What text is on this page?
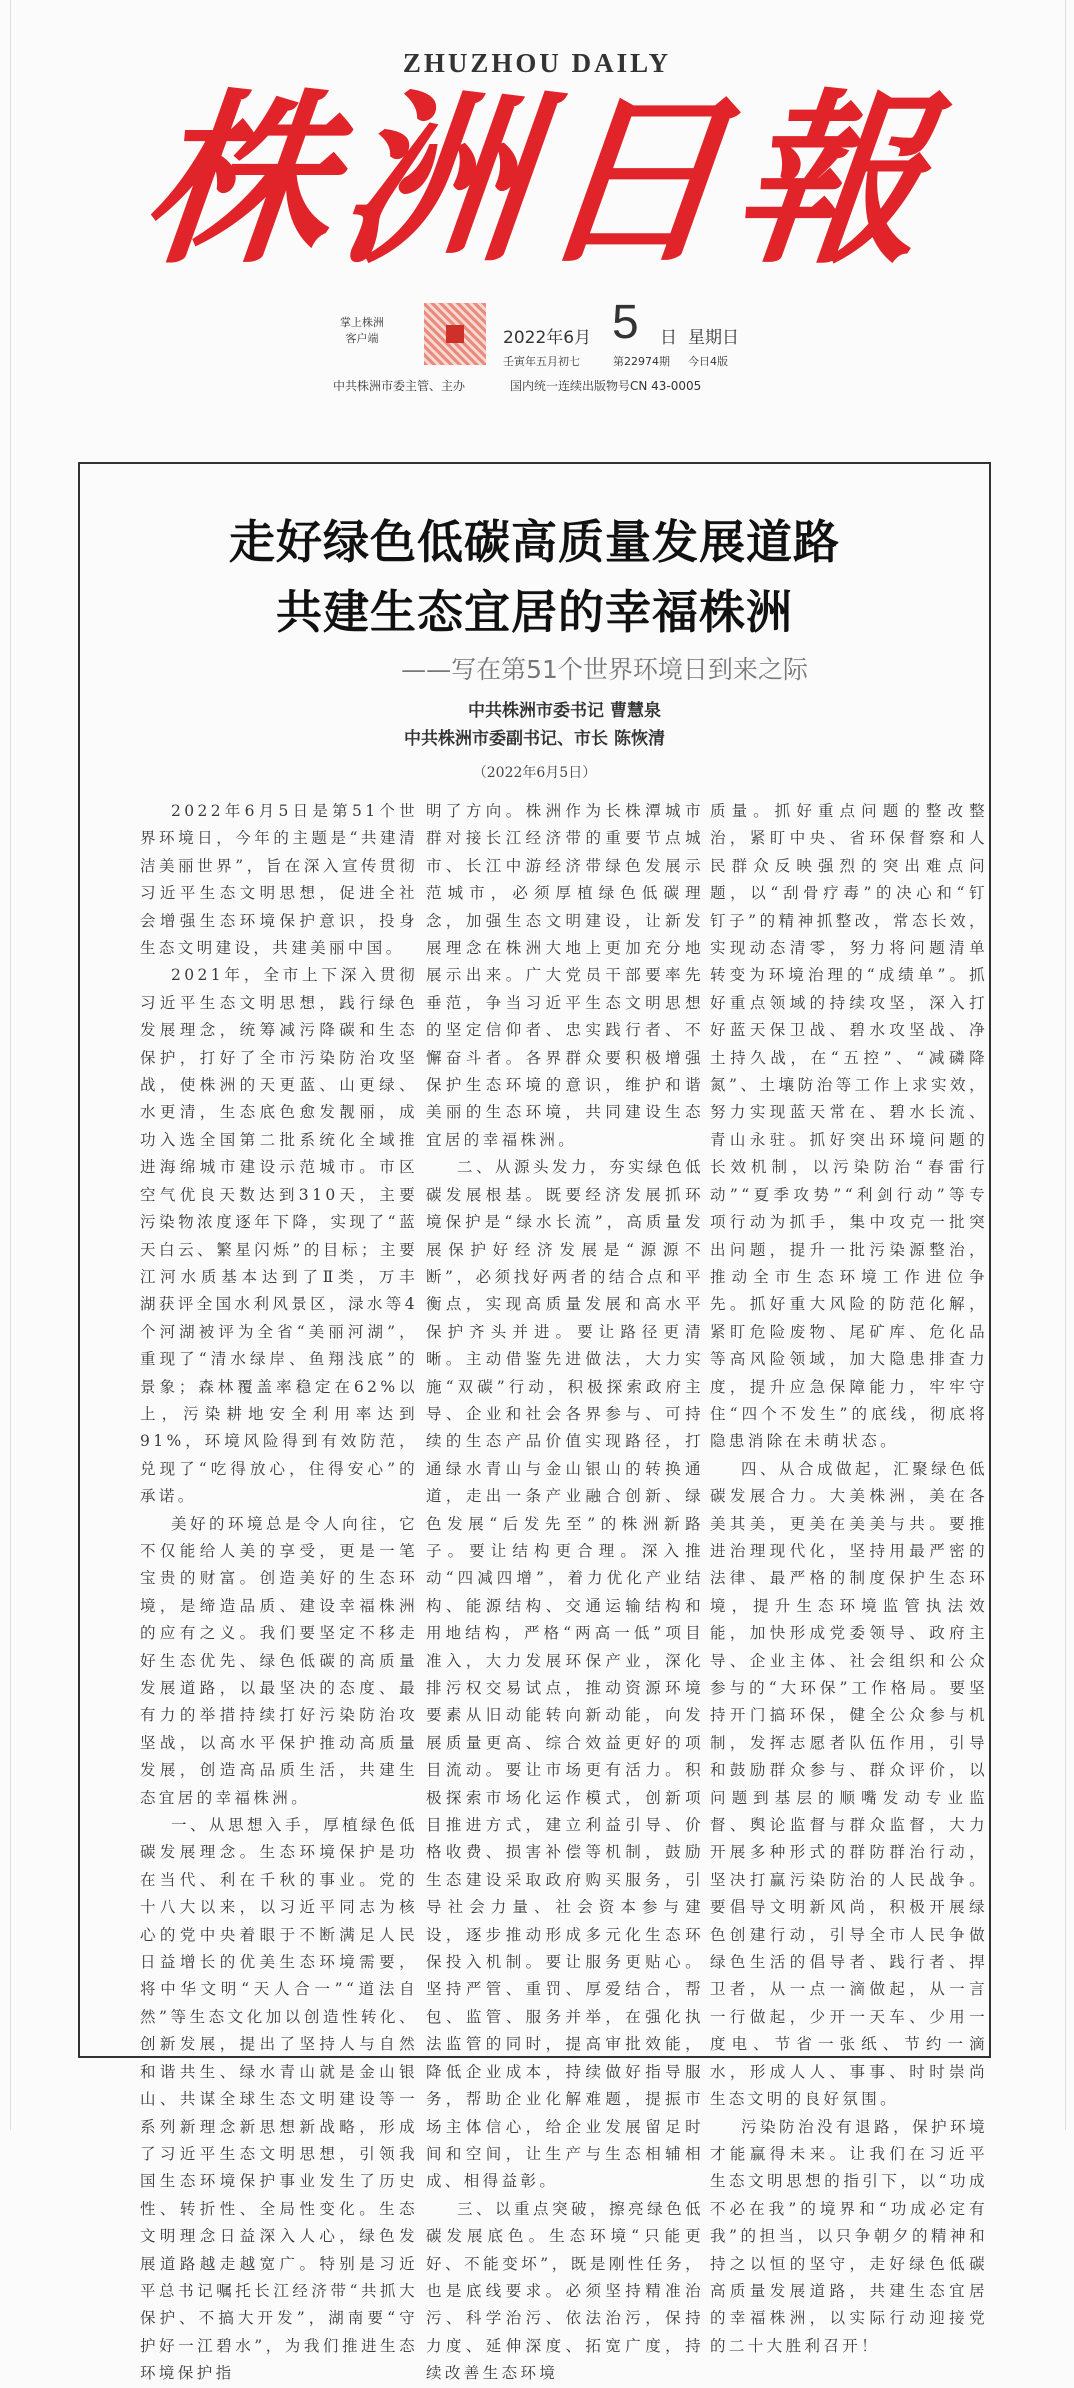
ZHUZHOU DAILY
株洲日報
掌上株洲
客户端	2022年6月 5 日 星期日
壬寅年五月初七	第22974期 今日4版
中共株洲市委主管、主办	国内统一连续出版物号CN 43-0005
走好绿色低碳高质量发展道路
共建生态宜居的幸福株洲
——写在第51个世界环境日到来之际
中共株洲市委书记 曹慧泉
中共株洲市委副书记、市长 陈恢清
（2022年6月5日）

2022年6月5日是第51个世界环境日，今年的主题是“共建清洁美丽世界”，旨在深入宣传贯彻习近平生态文明思想，促进全社会增强生态环境保护意识，投身生态文明建设，共建美丽中国。

2021年，全市上下深入贯彻习近平生态文明思想，践行绿色发展理念，统筹减污降碳和生态保护，打好了全市污染防治攻坚战，使株洲的天更蓝、山更绿、水更清，生态底色愈发靓丽，成功入选全国第二批系统化全域推进海绵城市建设示范城市。市区空气优良天数达到310天，主要污染物浓度逐年下降，实现了“蓝天白云、繁星闪烁”的目标；主要江河水质基本达到了Ⅱ类，万丰湖获评全国水利风景区，渌水等4个河湖被评为全省“美丽河湖”，重现了“清水绿岸、鱼翔浅底”的景象；森林覆盖率稳定在62%以上，污染耕地安全利用率达到91%，环境风险得到有效防范，兑现了“吃得放心，住得安心”的承诺。

美好的环境总是令人向往，它不仅能给人美的享受，更是一笔宝贵的财富。创造美好的生态环境，是缔造品质、建设幸福株洲的应有之义。我们要坚定不移走好生态优先、绿色低碳的高质量发展道路，以最坚决的态度、最有力的举措持续打好污染防治攻坚战，以高水平保护推动高质量发展，创造高品质生活，共建生态宜居的幸福株洲。

一、从思想入手，厚植绿色低碳发展理念。生态环境保护是功在当代、利在千秋的事业。党的十八大以来，以习近平同志为核心的党中央着眼于不断满足人民日益增长的优美生态环境需要，将中华文明“天人合一”“道法自然”等生态文化加以创造性转化、创新发展，提出了坚持人与自然和谐共生、绿水青山就是金山银山、共谋全球生态文明建设等一系列新理念新思想新战略，形成了习近平生态文明思想，引领我国生态环境保护事业发生了历史性、转折性、全局性变化。生态文明理念日益深入人心，绿色发展道路越走越宽广。特别是习近平总书记嘱托长江经济带“共抓大保护、不搞大开发”，湖南要“守护好一江碧水”，为我们推进生态环境保护指

明了方向。株洲作为长株潭城市群对接长江经济带的重要节点城市、长江中游经济带绿色发展示范城市，必须厚植绿色低碳理念，加强生态文明建设，让新发展理念在株洲大地上更加充分地展示出来。广大党员干部要率先垂范，争当习近平生态文明思想的坚定信仰者、忠实践行者、不懈奋斗者。各界群众要积极增强保护生态环境的意识，维护和谐美丽的生态环境，共同建设生态宜居的幸福株洲。

二、从源头发力，夯实绿色低碳发展根基。既要经济发展抓环境保护是“绿水长流”，高质量发展保护好经济发展是“源源不断”，必须找好两者的结合点和平衡点，实现高质量发展和高水平保护齐头并进。要让路径更清晰。主动借鉴先进做法，大力实施“双碳”行动，积极探索政府主导、企业和社会各界参与、可持续的生态产品价值实现路径，打通绿水青山与金山银山的转换通道，走出一条产业融合创新、绿色发展“后发先至”的株洲新路子。要让结构更合理。深入推动“四减四增”，着力优化产业结构、能源结构、交通运输结构和用地结构，严格“两高一低”项目准入，大力发展环保产业，深化排污权交易试点，推动资源环境要素从旧动能转向新动能，向发展质量更高、综合效益更好的项目流动。要让市场更有活力。积极探索市场化运作模式，创新项目推进方式，建立利益引导、价格收费、损害补偿等机制，鼓励生态建设采取政府购买服务，引导社会力量、社会资本参与建设，逐步推动形成多元化生态环保投入机制。要让服务更贴心。坚持严管、重罚、厚爱结合，帮包、监管、服务并举，在强化执法监管的同时，提高审批效能，降低企业成本，持续做好指导服务，帮助企业化解难题，提振市场主体信心，给企业发展留足时间和空间，让生产与生态相辅相成、相得益彰。

三、以重点突破，擦亮绿色低碳发展底色。生态环境“只能更好、不能变坏”，既是刚性任务，也是底线要求。必须坚持精准治污、科学治污、依法治污，保持力度、延伸深度、拓宽广度，持续改善生态环境

质量。抓好重点问题的整改整治，紧盯中央、省环保督察和人民群众反映强烈的突出难点问题，以“刮骨疗毒”的决心和“钉钉子”的精神抓整改，常态长效，实现动态清零，努力将问题清单转变为环境治理的“成绩单”。抓好重点领域的持续攻坚，深入打好蓝天保卫战、碧水攻坚战、净土持久战，在“五控”、“减磷降氮”、土壤防治等工作上求实效，努力实现蓝天常在、碧水长流、青山永驻。抓好突出环境问题的长效机制，以污染防治“春雷行动”“夏季攻势”“利剑行动”等专项行动为抓手，集中攻克一批突出问题，提升一批污染源整治，推动全市生态环境工作进位争先。抓好重大风险的防范化解，紧盯危险废物、尾矿库、危化品等高风险领域，加大隐患排查力度，提升应急保障能力，牢牢守住“四个不发生”的底线，彻底将隐患消除在未萌状态。

四、从合成做起，汇聚绿色低碳发展合力。大美株洲，美在各美其美，更美在美美与共。要推进治理现代化，坚持用最严密的法律、最严格的制度保护生态环境，提升生态环境监管执法效能，加快形成党委领导、政府主导、企业主体、社会组织和公众参与的“大环保”工作格局。要坚持开门搞环保，健全公众参与机制，发挥志愿者队伍作用，引导和鼓励群众参与、群众评价，以问题到基层的顺嘴发动专业监督、舆论监督与群众监督，大力开展多种形式的群防群治行动，坚决打赢污染防治的人民战争。要倡导文明新风尚，积极开展绿色创建行动，引导全市人民争做绿色生活的倡导者、践行者、捍卫者，从一点一滴做起，从一言一行做起，少开一天车、少用一度电、节省一张纸、节约一滴水，形成人人、事事、时时崇尚生态文明的良好氛围。

污染防治没有退路，保护环境才能赢得未来。让我们在习近平生态文明思想的指引下，以“功成不必在我”的境界和“功成必定有我”的担当，以只争朝夕的精神和持之以恒的坚守，走好绿色低碳高质量发展道路，共建生态宜居的幸福株洲，以实际行动迎接党的二十大胜利召开！
